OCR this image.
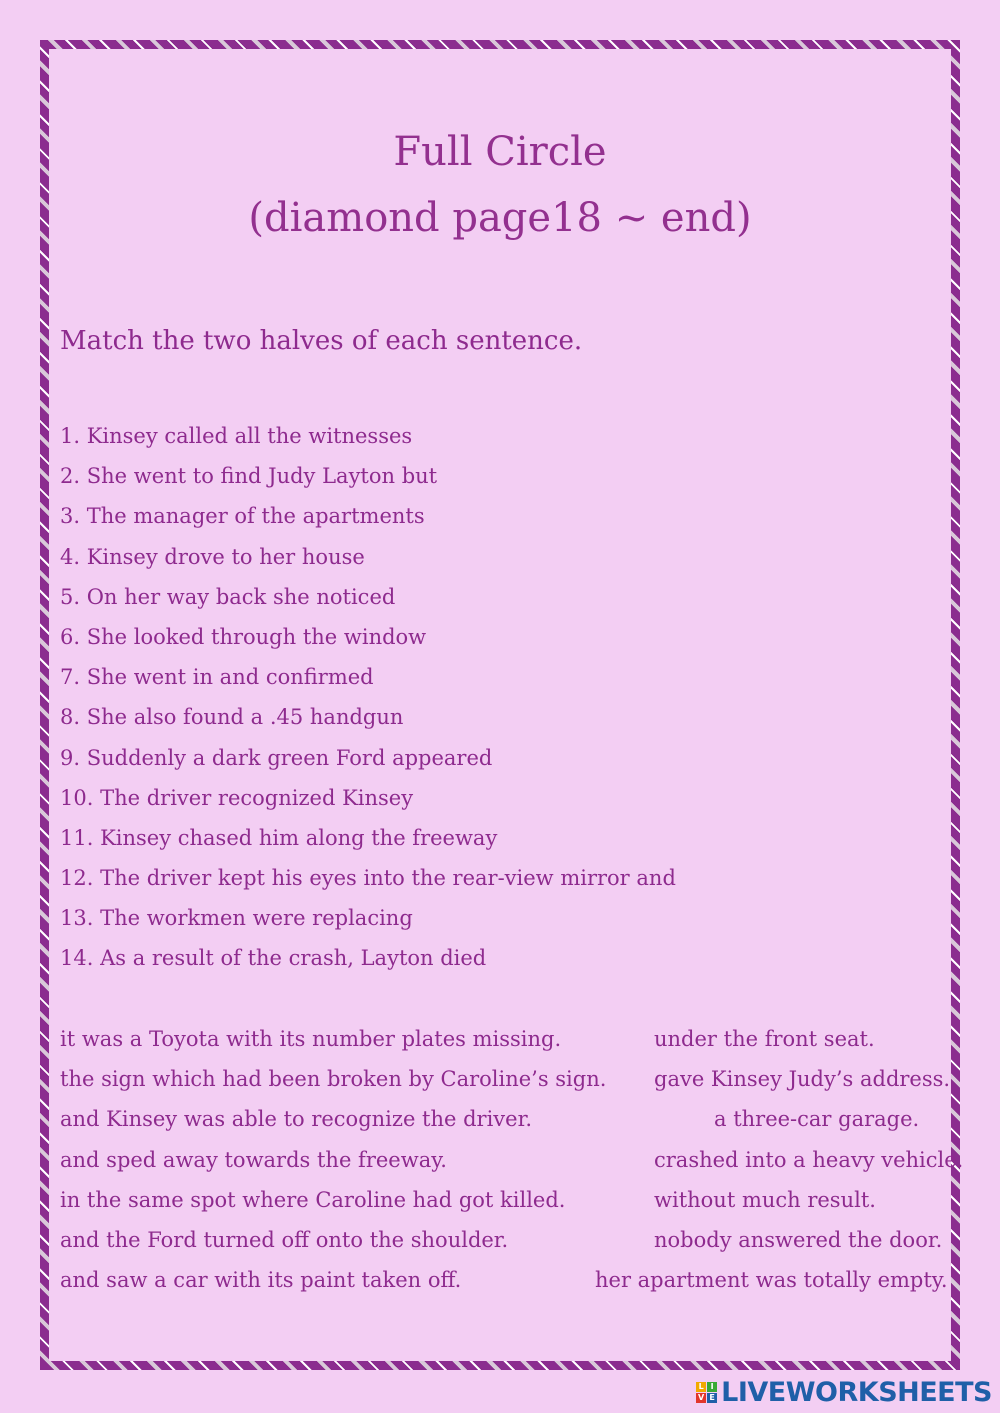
Full Circle
(diamond page18 ~ end)
Match the two halves of each sentence.
1. Kinsey called all the witnesses
2. She went to find Judy Layton but
3. The manager of the apartments
4. Kinsey drove to her house
5. On her way back she noticed
6. She looked through the window
7. She went in and confirmed
8. She also found a .45 handgun
9. Suddenly a dark green Ford appeared
10. The driver recognized Kinsey
11. Kinsey chased him along the freeway
12. The driver kept his eyes into the rear-view mirror and
13. The workmen were replacing
14. As a result of the crash, Layton died
it was a Toyota with its number plates missing.	under the front seat.
the sign which had been broken by Caroline’s sign. gave Kinsey Judy’s address.
and Kinsey was able to recognize the driver.	a three-car garage.
and sped away towards the freeway.	crashed into a heavy vehicle.
in the same spot where Caroline had got killed.	without much result.
and the Ford turned off onto the shoulder.	nobody answered the door.
and saw a car with its paint taken off.	her apartment was totally empty.
L I
V E LIVEWORKSHEETS
